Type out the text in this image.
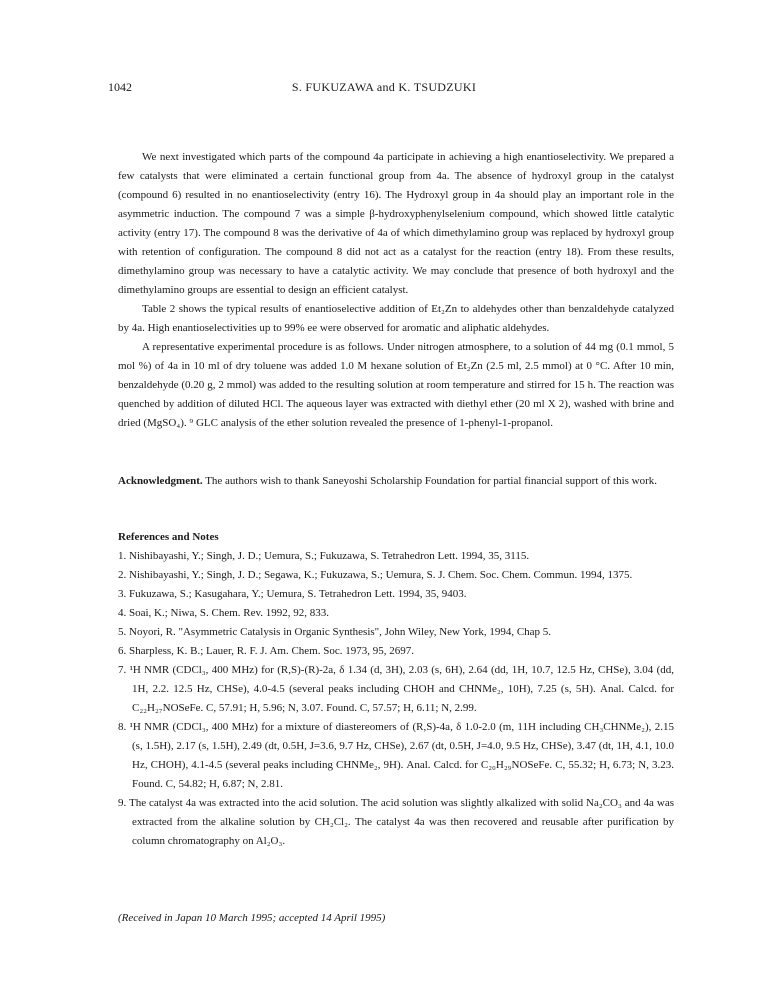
1042	S. FUKUZAWA and K. TSUDZUKI

We next investigated which parts of the compound 4a participate in achieving a high enantioselectivity. We prepared a few catalysts that were eliminated a certain functional group from 4a. The absence of hydroxyl group in the catalyst (compound 6) resulted in no enantioselectivity (entry 16). The Hydroxyl group in 4a should play an important role in the asymmetric induction. The compound 7 was a simple β-hydroxyphenylselenium compound, which showed little catalytic activity (entry 17). The compound 8 was the derivative of 4a of which dimethylamino group was replaced by hydroxyl group with retention of configuration. The compound 8 did not act as a catalyst for the reaction (entry 18). From these results, dimethylamino group was necessary to have a catalytic activity. We may conclude that presence of both hydroxyl and the dimethylamino groups are essential to design an efficient catalyst.

Table 2 shows the typical results of enantioselective addition of Et₂Zn to aldehydes other than benzaldehyde catalyzed by 4a. High enantioselectivities up to 99% ee were observed for aromatic and aliphatic aldehydes.

A representative experimental procedure is as follows. Under nitrogen atmosphere, to a solution of 44 mg (0.1 mmol, 5 mol %) of 4a in 10 ml of dry toluene was added 1.0 M hexane solution of Et₂Zn (2.5 ml, 2.5 mmol) at 0 °C. After 10 min, benzaldehyde (0.20 g, 2 mmol) was added to the resulting solution at room temperature and stirred for 15 h. The reaction was quenched by addition of diluted HCl. The aqueous layer was extracted with diethyl ether (20 ml X 2), washed with brine and dried (MgSO₄). ⁹ GLC analysis of the ether solution revealed the presence of 1-phenyl-1-propanol.

Acknowledgment. The authors wish to thank Saneyoshi Scholarship Foundation for partial financial support of this work.

References and Notes
1. Nishibayashi, Y.; Singh, J. D.; Uemura, S.; Fukuzawa, S. Tetrahedron Lett. 1994, 35, 3115.
2. Nishibayashi, Y.; Singh, J. D.; Segawa, K.; Fukuzawa, S.; Uemura, S. J. Chem. Soc. Chem. Commun. 1994, 1375.
3. Fukuzawa, S.; Kasugahara, Y.; Uemura, S. Tetrahedron Lett. 1994, 35, 9403.
4. Soai, K.; Niwa, S. Chem. Rev. 1992, 92, 833.
5. Noyori, R. "Asymmetric Catalysis in Organic Synthesis", John Wiley, New York, 1994, Chap 5.
6. Sharpless, K. B.; Lauer, R. F. J. Am. Chem. Soc. 1973, 95, 2697.
7. ¹H NMR (CDCl₃, 400 MHz) for (R,S)-(R)-2a, δ 1.34 (d, 3H), 2.03 (s, 6H), 2.64 (dd, 1H, 10.7, 12.5 Hz, CHSe), 3.04 (dd, 1H, 2.2. 12.5 Hz, CHSe), 4.0-4.5 (several peaks including CHOH and CHNMe₂, 10H), 7.25 (s, 5H). Anal. Calcd. for C₂₂H₂₇NOSeFe. C, 57.91; H, 5.96; N, 3.07. Found. C, 57.57; H, 6.11; N, 2.99.
8. ¹H NMR (CDCl₃, 400 MHz) for a mixture of diastereomers of (R,S)-4a, δ 1.0-2.0 (m, 11H including CH₃CHNMe₂), 2.15 (s, 1.5H), 2.17 (s, 1.5H), 2.49 (dt, 0.5H, J=3.6, 9.7 Hz, CHSe), 2.67 (dt, 0.5H, J=4.0, 9.5 Hz, CHSe), 3.47 (dt, 1H, 4.1, 10.0 Hz, CHOH), 4.1-4.5 (several peaks including CHNMe₂, 9H). Anal. Calcd. for C₂₀H₂₉NOSeFe. C, 55.32; H, 6.73; N, 3.23. Found. C, 54.82; H, 6.87; N, 2.81.
9. The catalyst 4a was extracted into the acid solution. The acid solution was slightly alkalized with solid Na₂CO₃ and 4a was extracted from the alkaline solution by CH₂Cl₂. The catalyst 4a was then recovered and reusable after purification by column chromatography on Al₂O₃.
(Received in Japan 10 March 1995; accepted 14 April 1995)
